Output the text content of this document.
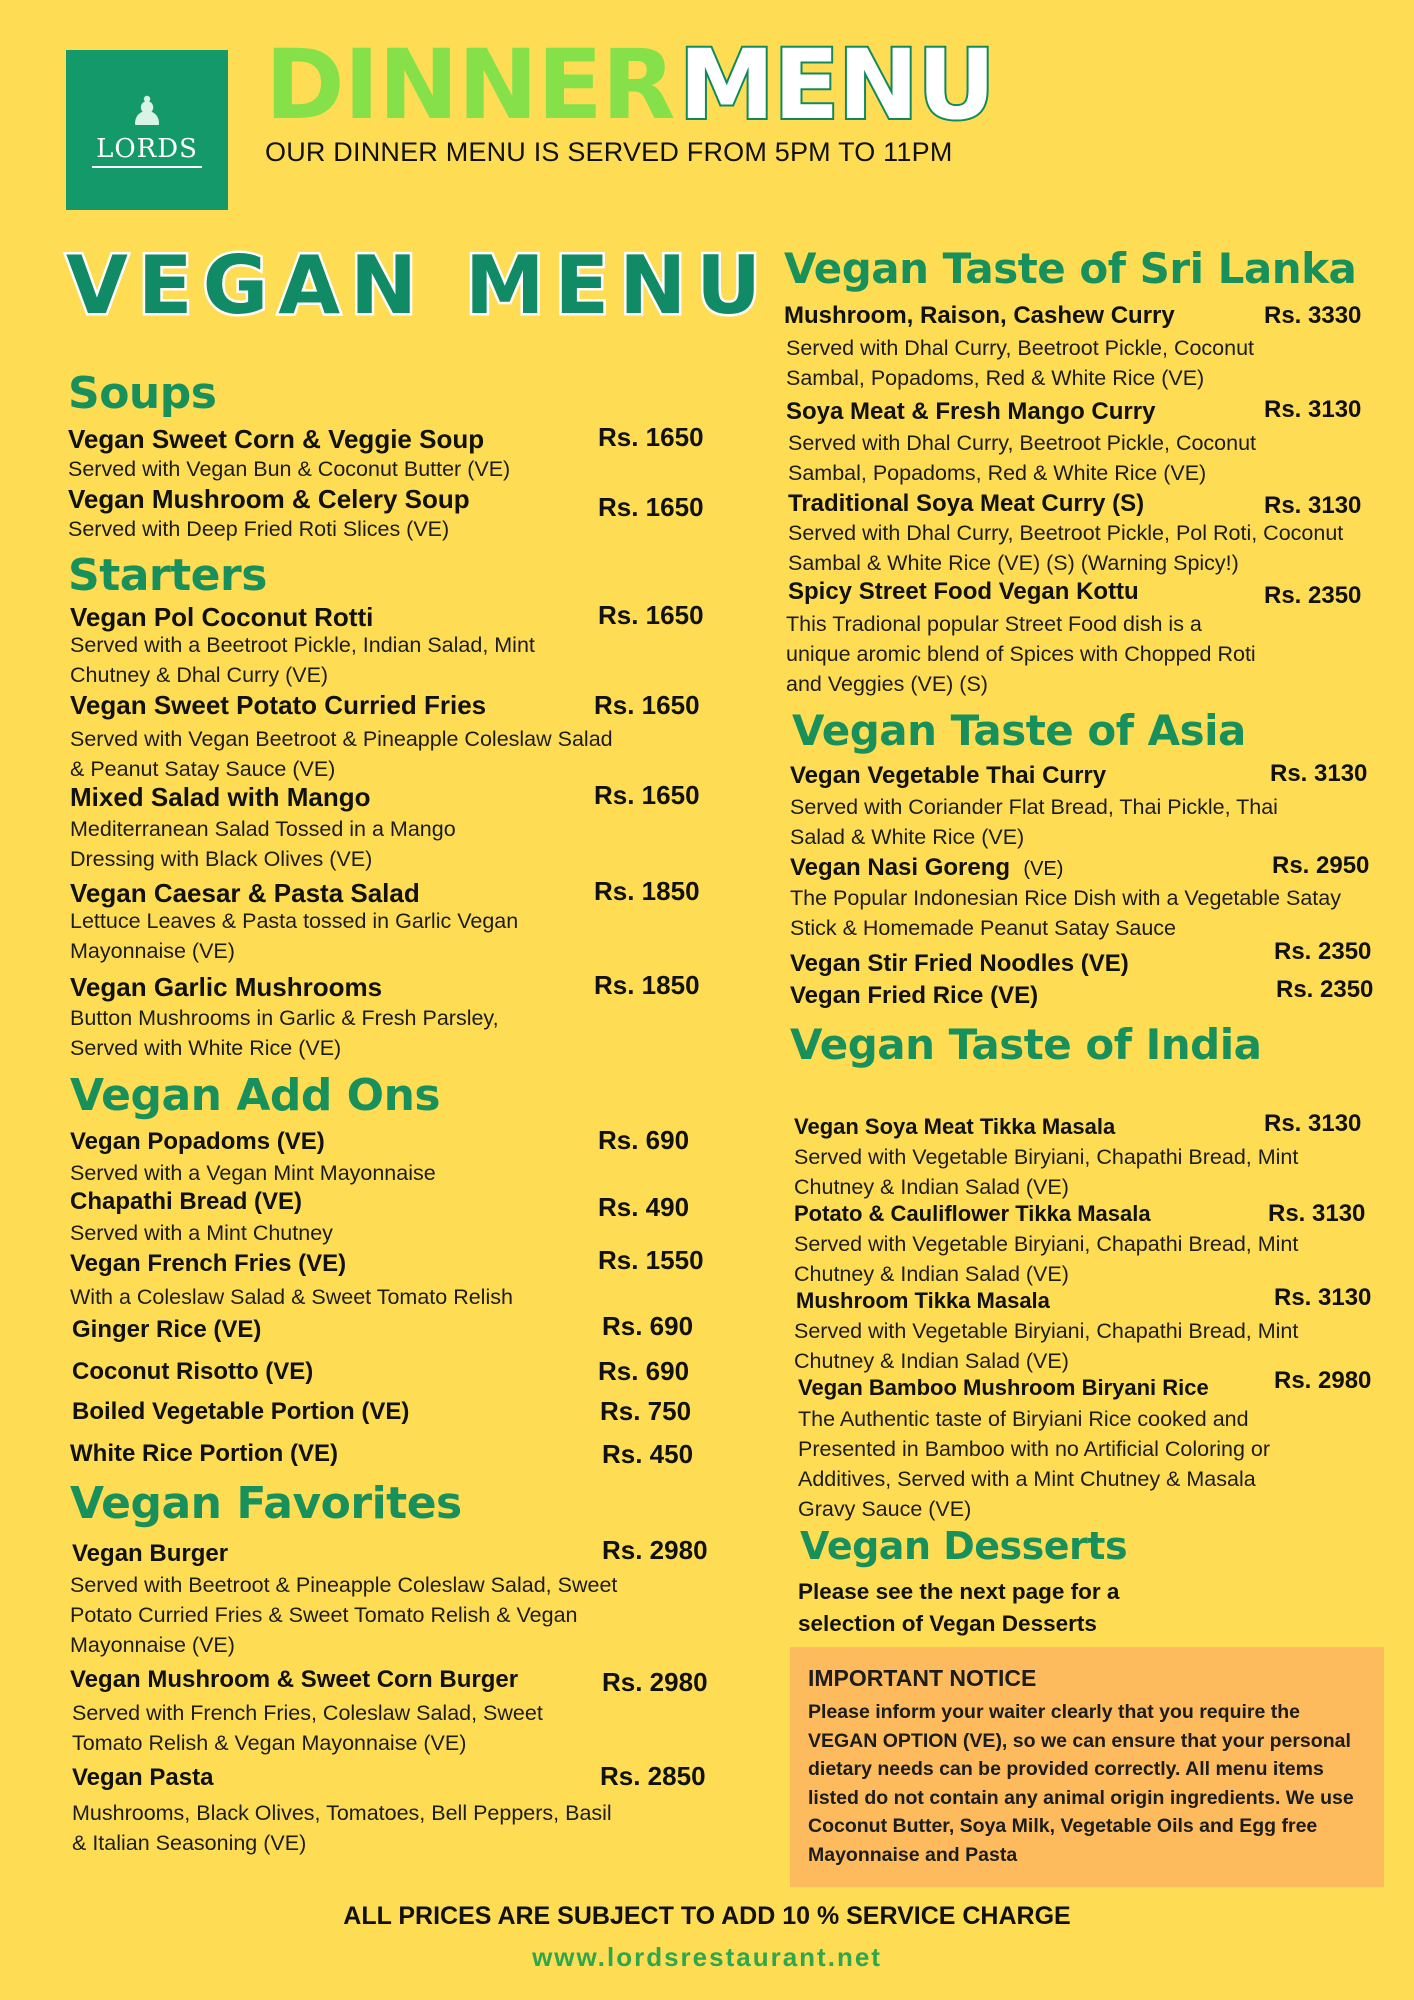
♟
LORDS
DINNER MENU
OUR DINNER MENU IS SERVED FROM 5PM TO 11PM
VEGAN MENU
Soups
Vegan Sweet Corn & Veggie Soup	Rs. 1650
Served with Vegan Bun & Coconut Butter (VE)
Vegan Mushroom & Celery Soup	Rs. 1650
Served with Deep Fried Roti Slices (VE)
Starters
Vegan Pol Coconut Rotti	Rs. 1650
Served with a Beetroot Pickle, Indian Salad, Mint Chutney & Dhal Curry (VE)
Vegan Sweet Potato Curried Fries	Rs. 1650
Served with Vegan Beetroot & Pineapple Coleslaw Salad & Peanut Satay Sauce (VE)
Mixed Salad with Mango	Rs. 1650
Mediterranean Salad Tossed in a Mango Dressing with Black Olives (VE)
Vegan Caesar & Pasta Salad	Rs. 1850
Lettuce Leaves & Pasta tossed in Garlic Vegan Mayonnaise (VE)
Vegan Garlic Mushrooms	Rs. 1850
Button Mushrooms in Garlic & Fresh Parsley, Served with White Rice (VE)
Vegan Add Ons
Vegan Popadoms (VE)	Rs. 690
Served with a Vegan Mint Mayonnaise
Chapathi Bread (VE)	Rs. 490
Served with a Mint Chutney
Vegan French Fries (VE)	Rs. 1550
With a Coleslaw Salad & Sweet Tomato Relish
Ginger Rice (VE)	Rs. 690
Coconut Risotto (VE)	Rs. 690
Boiled Vegetable Portion (VE)	Rs. 750
White Rice Portion (VE)	Rs. 450
Vegan Favorites
Vegan Burger	Rs. 2980
Served with Beetroot & Pineapple Coleslaw Salad, Sweet Potato Curried Fries & Sweet Tomato Relish & Vegan Mayonnaise (VE)
Vegan Mushroom & Sweet Corn Burger	Rs. 2980
Served with French Fries, Coleslaw Salad, Sweet Tomato Relish & Vegan Mayonnaise (VE)
Vegan Pasta	Rs. 2850
Mushrooms, Black Olives, Tomatoes, Bell Peppers, Basil & Italian Seasoning (VE)
Vegan Taste of Sri Lanka
Mushroom, Raison, Cashew Curry	Rs. 3330
Served with Dhal Curry, Beetroot Pickle, Coconut Sambal, Popadoms, Red & White Rice (VE)
Soya Meat & Fresh Mango Curry	Rs. 3130
Served with Dhal Curry, Beetroot Pickle, Coconut Sambal, Popadoms, Red & White Rice (VE)
Traditional Soya Meat Curry (S)	Rs. 3130
Served with Dhal Curry, Beetroot Pickle, Pol Roti, Coconut Sambal & White Rice (VE) (S) (Warning Spicy!)
Spicy Street Food Vegan Kottu	Rs. 2350
This Tradional popular Street Food dish is a unique aromic blend of Spices with Chopped Roti and Veggies (VE) (S)
Vegan Taste of Asia
Vegan Vegetable Thai Curry	Rs. 3130
Served with Coriander Flat Bread, Thai Pickle, Thai Salad & White Rice (VE)
Vegan Nasi Goreng (VE)	Rs. 2950
The Popular Indonesian Rice Dish with a Vegetable Satay Stick & Homemade Peanut Satay Sauce
Vegan Stir Fried Noodles (VE)	Rs. 2350
Vegan Fried Rice (VE)	Rs. 2350
Vegan Taste of India
Vegan Soya Meat Tikka Masala	Rs. 3130
Served with Vegetable Biryiani, Chapathi Bread, Mint Chutney & Indian Salad (VE)
Potato & Cauliflower Tikka Masala	Rs. 3130
Served with Vegetable Biryiani, Chapathi Bread, Mint Chutney & Indian Salad (VE)
Mushroom Tikka Masala	Rs. 3130
Served with Vegetable Biryiani, Chapathi Bread, Mint Chutney & Indian Salad (VE)
Vegan Bamboo Mushroom Biryani Rice	Rs. 2980
The Authentic taste of Biryiani Rice cooked and Presented in Bamboo with no Artificial Coloring or Additives, Served with a Mint Chutney & Masala Gravy Sauce (VE)
Vegan Desserts
Please see the next page for a selection of Vegan Desserts
IMPORTANT NOTICE
Please inform your waiter clearly that you require the VEGAN OPTION (VE), so we can ensure that your personal dietary needs can be provided correctly. All menu items listed do not contain any animal origin ingredients. We use Coconut Butter, Soya Milk, Vegetable Oils and Egg free Mayonnaise and Pasta
ALL PRICES ARE SUBJECT TO ADD 10 % SERVICE CHARGE
www.lordsrestaurant.net
